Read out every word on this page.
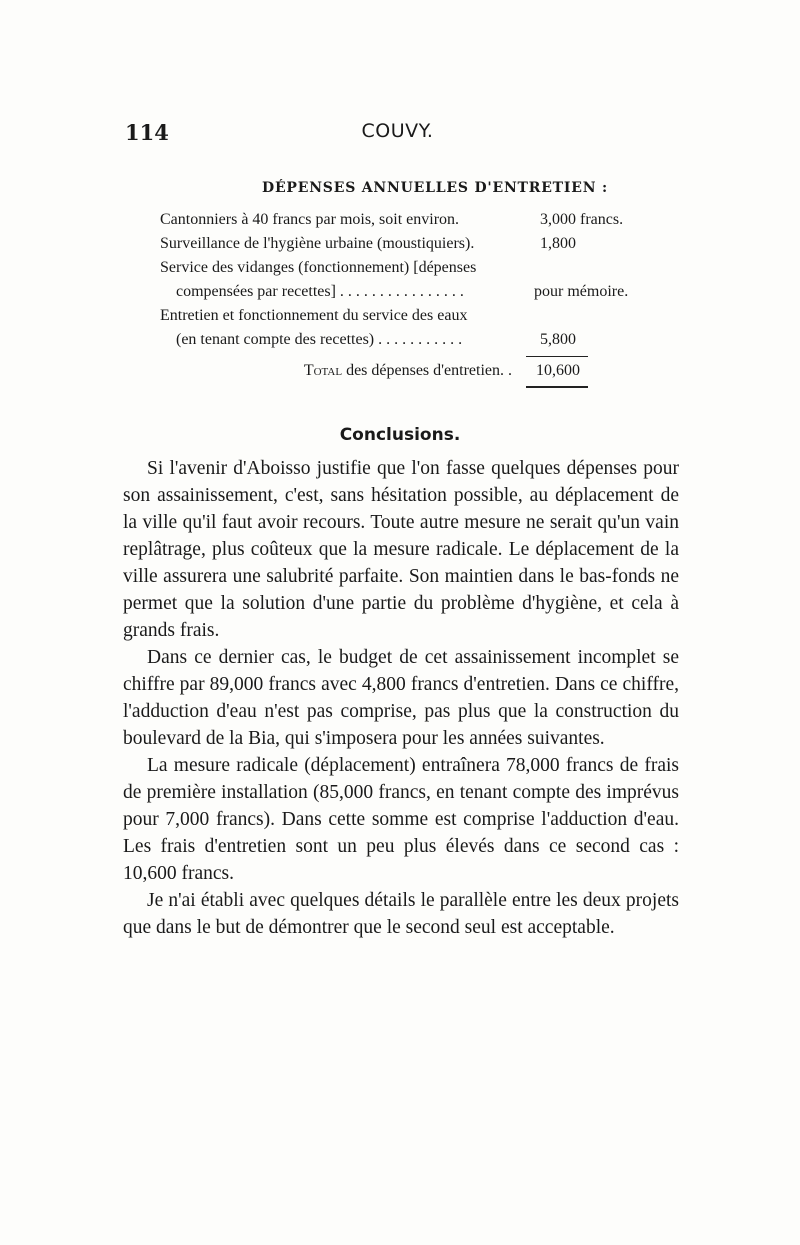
114	COUVY.
DÉPENSES ANNUELLES D'ENTRETIEN :
Cantonniers à 40 francs par mois, soit environ.	3,000 francs.
Surveillance de l'hygiène urbaine (moustiquiers).	1,800
Service des vidanges (fonctionnement) [dépenses
compensées par recettes] . . . . . . . . . . . . . . . .	pour mémoire.
Entretien et fonctionnement du service des eaux
(en tenant compte des recettes) . . . . . . . . . . .	5,800
Total des dépenses d'entretien. . 10,600
Conclusions.

Si l'avenir d'Aboisso justifie que l'on fasse quelques dépenses pour son assainissement, c'est, sans hésitation possible, au déplacement de la ville qu'il faut avoir recours. Toute autre mesure ne serait qu'un vain replâtrage, plus coûteux que la mesure radicale. Le déplacement de la ville assurera une salubrité parfaite. Son maintien dans le bas-fonds ne permet que la solution d'une partie du problème d'hygiène, et cela à grands frais.

Dans ce dernier cas, le budget de cet assainissement incomplet se chiffre par 89,000 francs avec 4,800 francs d'entretien. Dans ce chiffre, l'adduction d'eau n'est pas comprise, pas plus que la construction du boulevard de la Bia, qui s'imposera pour les années suivantes.

La mesure radicale (déplacement) entraînera 78,000 francs de frais de première installation (85,000 francs, en tenant compte des imprévus pour 7,000 francs). Dans cette somme est comprise l'adduction d'eau. Les frais d'entretien sont un peu plus élevés dans ce second cas : 10,600 francs.

Je n'ai établi avec quelques détails le parallèle entre les deux projets que dans le but de démontrer que le second seul est acceptable.
